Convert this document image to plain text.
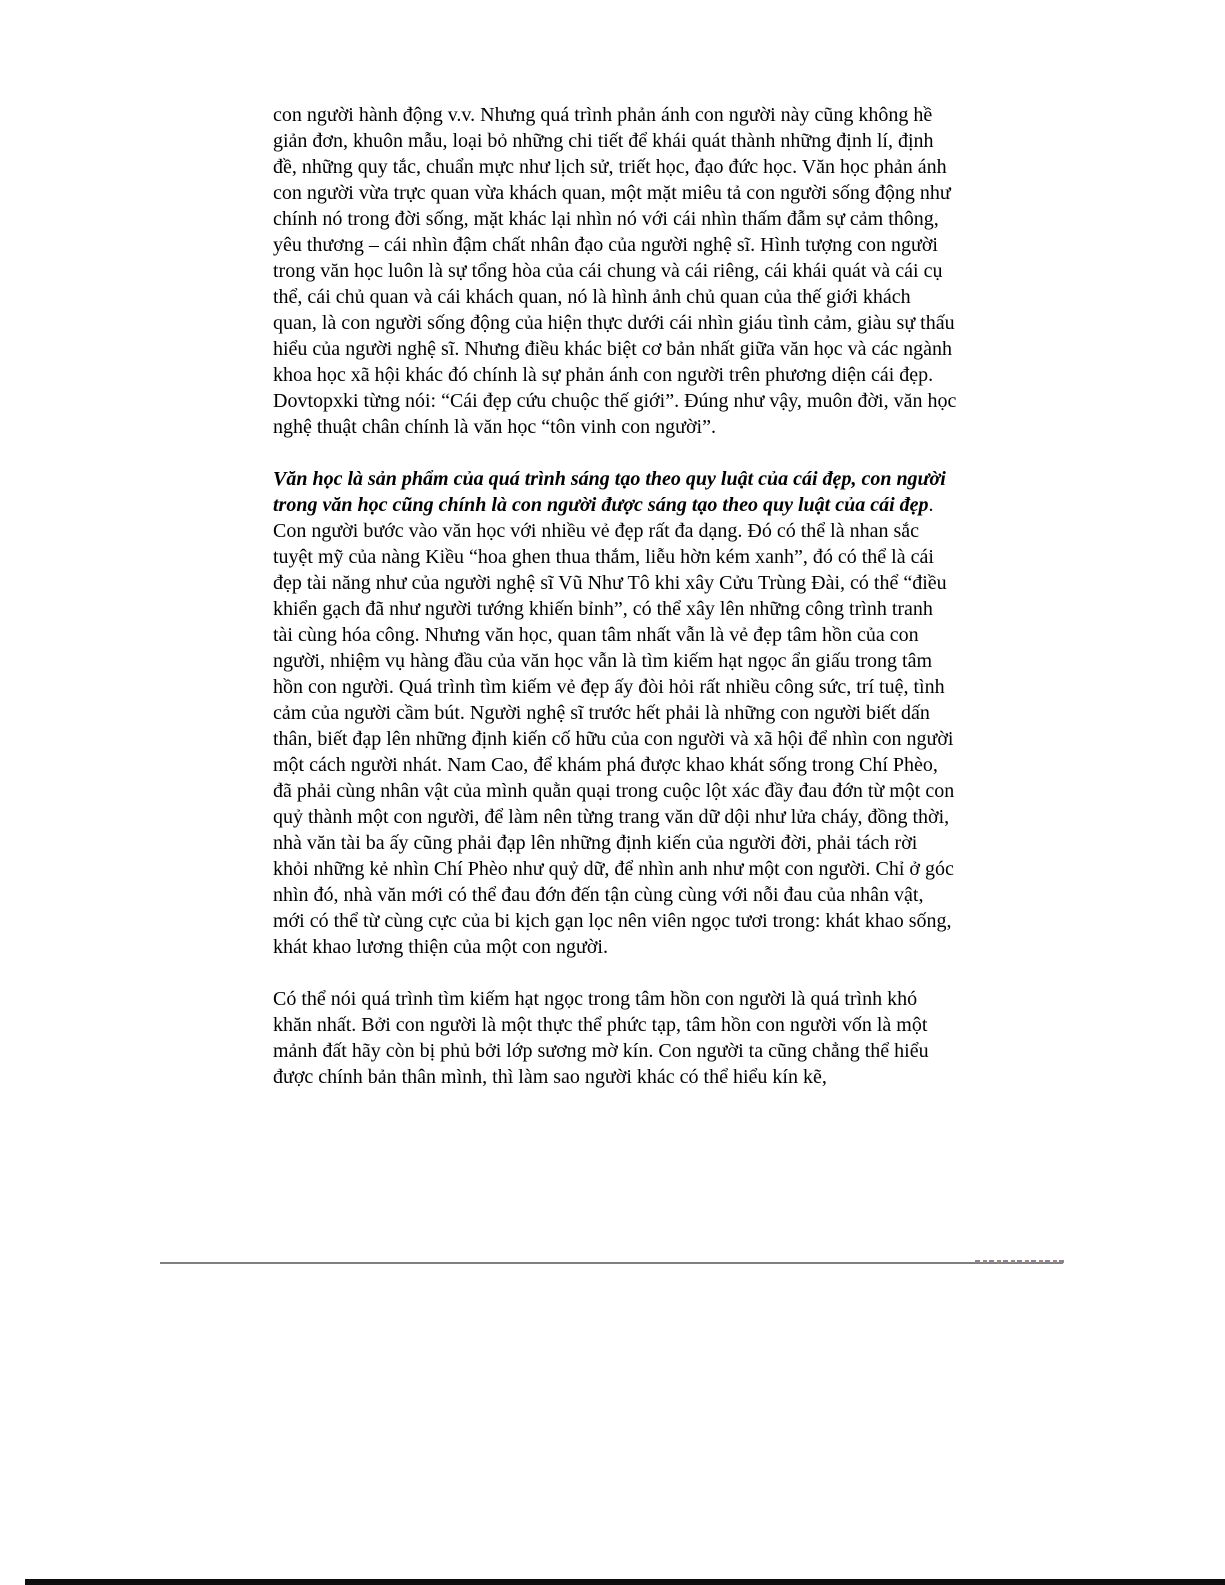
con người hành động v.v. Nhưng quá trình phản ánh con người này cũng không hề giản đơn, khuôn mẫu, loại bỏ những chi tiết để khái quát thành những định lí, định đề, những quy tắc, chuẩn mực như lịch sử, triết học, đạo đức học. Văn học phản ánh con người vừa trực quan vừa khách quan, một mặt miêu tả con người sống động như chính nó trong đời sống, mặt khác lại nhìn nó với cái nhìn thấm đẫm sự cảm thông, yêu thương – cái nhìn đậm chất nhân đạo của người nghệ sĩ. Hình tượng con người trong văn học luôn là sự tổng hòa của cái chung và cái riêng, cái khái quát và cái cụ thể, cái chủ quan và cái khách quan, nó là hình ảnh chủ quan của thế giới khách quan, là con người sống động của hiện thực dưới cái nhìn giáu tình cảm, giàu sự thấu hiểu của người nghệ sĩ. Nhưng điều khác biệt cơ bản nhất giữa văn học và các ngành khoa học xã hội khác đó chính là sự phản ánh con người trên phương diện cái đẹp. Dovtopxki từng nói: “Cái đẹp cứu chuộc thế giới”. Đúng như vậy, muôn đời, văn học nghệ thuật chân chính là văn học “tôn vinh con người”.

Văn học là sản phẩm của quá trình sáng tạo theo quy luật của cái đẹp, con người trong văn học cũng chính là con người được sáng tạo theo quy luật của cái đẹp. Con người bước vào văn học với nhiều vẻ đẹp rất đa dạng. Đó có thể là nhan sắc tuyệt mỹ của nàng Kiều “hoa ghen thua thắm, liễu hờn kém xanh”, đó có thể là cái đẹp tài năng như của người nghệ sĩ Vũ Như Tô khi xây Cửu Trùng Đài, có thể “điều khiển gạch đã như người tướng khiến bỉnh”, có thể xây lên những công trình tranh tài cùng hóa công. Nhưng văn học, quan tâm nhất vẫn là vẻ đẹp tâm hồn của con người, nhiệm vụ hàng đầu của văn học vẫn là tìm kiếm hạt ngọc ẩn giấu trong tâm hồn con người. Quá trình tìm kiếm vẻ đẹp ấy đòi hỏi rất nhiều công sức, trí tuệ, tình cảm của người cầm bút. Người nghệ sĩ trước hết phải là những con người biết dấn thân, biết đạp lên những định kiến cố hữu của con người và xã hội để nhìn con người một cách người nhát. Nam Cao, để khám phá được khao khát sống trong Chí Phèo, đã phải cùng nhân vật của mình quằn quại trong cuộc lột xác đầy đau đớn từ một con quỷ thành một con người, để làm nên từng trang văn dữ dội như lửa cháy, đồng thời, nhà văn tài ba ấy cũng phải đạp lên những định kiến của người đời, phải tách rời khỏi những kẻ nhìn Chí Phèo như quỷ dữ, để nhìn anh như một con người. Chỉ ở góc nhìn đó, nhà văn mới có thể đau đớn đến tận cùng cùng với nỗi đau của nhân vật, mới có thể từ cùng cực của bi kịch gạn lọc nên viên ngọc tươi trong: khát khao sống, khát khao lương thiện của một con người.

Có thể nói quá trình tìm kiếm hạt ngọc trong tâm hồn con người là quá trình khó khăn nhất. Bởi con người là một thực thể phức tạp, tâm hồn con người vốn là một mảnh đất hãy còn bị phủ bởi lớp sương mờ kín. Con người ta cũng chẳng thể hiểu được chính bản thân mình, thì làm sao người khác có thể hiểu kín kẽ,
